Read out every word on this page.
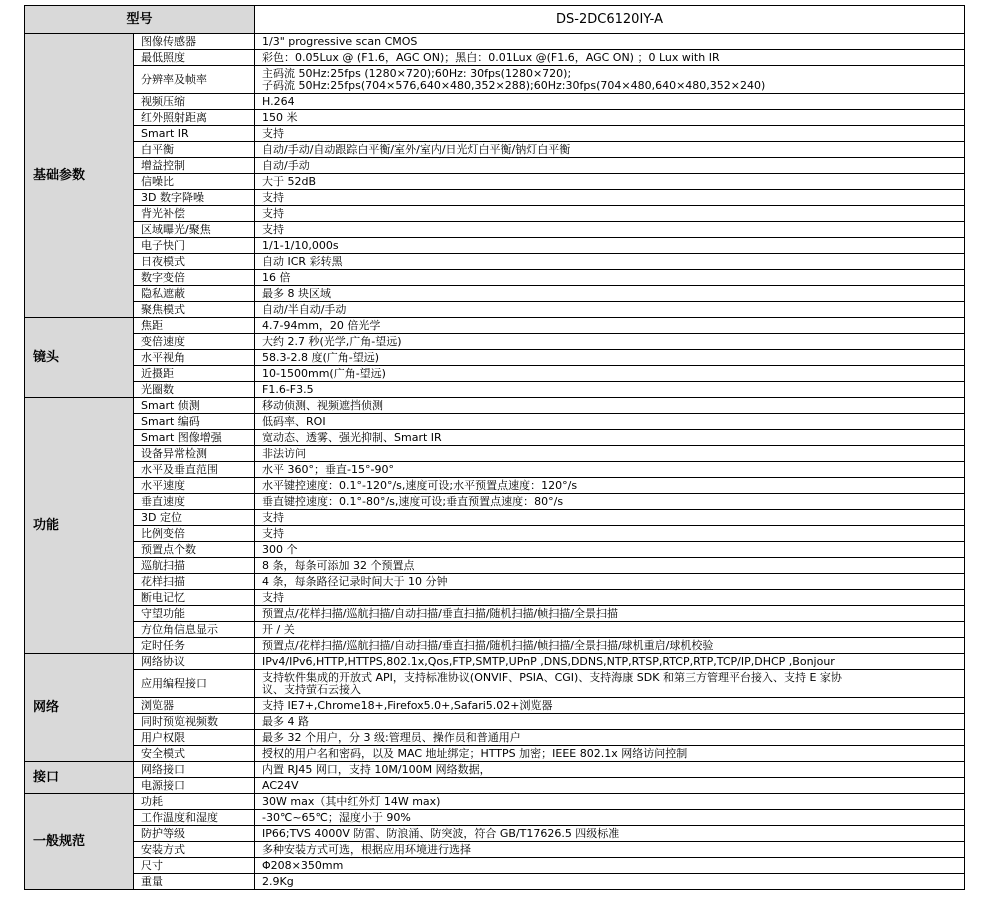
型号		DS-2DC6120IY-A
基础参数	图像传感器	1/3" progressive scan CMOS

	最低照度	彩色：0.05Lux @ (F1.6，AGC ON)；黑白：0.01Lux @(F1.6，AGC ON) ；0 Lux with IR

	分辨率及帧率	主码流 50Hz:25fps (1280×720);60Hz: 30fps(1280×720);
子码流 50Hz:25fps(704×576,640×480,352×288);60Hz:30fps(704×480,640×480,352×240)

	视频压缩	H.264

	红外照射距离	150 米

	Smart IR	支持

	白平衡	自动/手动/自动跟踪白平衡/室外/室内/日光灯白平衡/钠灯白平衡

	增益控制	自动/手动

	信噪比	大于 52dB

	3D 数字降噪	支持

	背光补偿	支持

	区域曝光/聚焦	支持

	电子快门	1/1-1/10,000s

	日夜模式	自动 ICR 彩转黑

	数字变倍	16 倍

	隐私遮蔽	最多 8 块区域

	聚焦模式	自动/半自动/手动

镜头	焦距	4.7-94mm，20 倍光学

	变倍速度	大约 2.7 秒(光学,广角-望远)

	水平视角	58.3-2.8 度(广角-望远)

	近摄距	10-1500mm(广角-望远)

	光圈数	F1.6-F3.5

功能	Smart 侦测	移动侦测、视频遮挡侦测

	Smart 编码	低码率、ROI

	Smart 图像增强	宽动态、透雾、强光抑制、Smart IR

	设备异常检测	非法访问

	水平及垂直范围	水平 360°；垂直-15°-90°

	水平速度	水平键控速度：0.1°-120°/s,速度可设;水平预置点速度：120°/s

	垂直速度	垂直键控速度：0.1°-80°/s,速度可设;垂直预置点速度：80°/s

	3D 定位	支持

	比例变倍	支持

	预置点个数	300 个

	巡航扫描	8 条，每条可添加 32 个预置点

	花样扫描	4 条，每条路径记录时间大于 10 分钟

	断电记忆	支持

	守望功能	预置点/花样扫描/巡航扫描/自动扫描/垂直扫描/随机扫描/帧扫描/全景扫描

	方位角信息显示	开 / 关

	定时任务	预置点/花样扫描/巡航扫描/自动扫描/垂直扫描/随机扫描/帧扫描/全景扫描/球机重启/球机校验

网络	网络协议	IPv4/IPv6,HTTP,HTTPS,802.1x,Qos,FTP,SMTP,UPnP ,DNS,DDNS,NTP,RTSP,RTCP,RTP,TCP/IP,DHCP ,Bonjour

	应用编程接口	支持软件集成的开放式 API，支持标准协议(ONVIF、PSIA、CGI)、支持海康 SDK 和第三方管理平台接入、支持 E 家协
议、支持萤石云接入

	浏览器	支持 IE7+,Chrome18+,Firefox5.0+,Safari5.02+浏览器

	同时预览视频数	最多 4 路

	用户权限	最多 32 个用户，分 3 级:管理员、操作员和普通用户

	安全模式	授权的用户名和密码，以及 MAC 地址绑定；HTTPS 加密；IEEE 802.1x 网络访问控制

接口	网络接口	内置 RJ45 网口，支持 10M/100M 网络数据，

	电源接口	AC24V

一般规范	功耗	30W max（其中红外灯 14W max)

	工作温度和湿度	-30℃~65℃；湿度小于 90%

	防护等级	IP66;TVS 4000V 防雷、防浪涌、防突波，符合 GB/T17626.5 四级标准

	安装方式	多种安装方式可选，根据应用环境进行选择

	尺寸	Φ208×350mm

	重量	2.9Kg
